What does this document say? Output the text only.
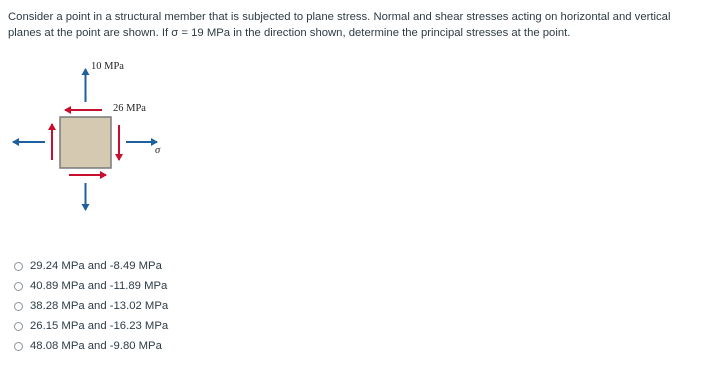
Consider a point in a structural member that is subjected to plane stress. Normal and shear stresses acting on horizontal and vertical
planes at the point are shown. If σ = 19 MPa in the direction shown, determine the principal stresses at the point.
10 MPa
26 MPa
σ
29.24 MPa and -8.49 MPa
40.89 MPa and -11.89 MPa
38.28 MPa and -13.02 MPa
26.15 MPa and -16.23 MPa
48.08 MPa and -9.80 MPa
